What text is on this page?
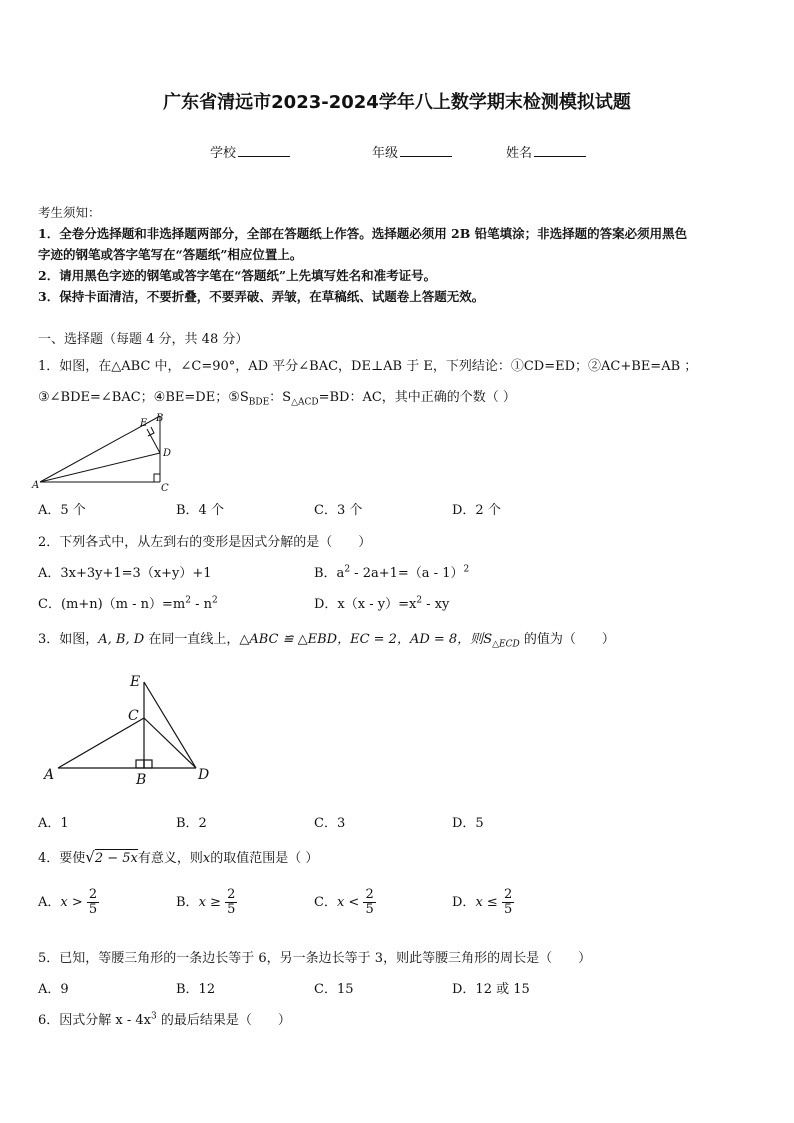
广东省清远市2023-2024学年八上数学期末检测模拟试题
学校	年级	姓名
考生须知：
1．全卷分选择题和非选择题两部分，全部在答题纸上作答。选择题必须用 2B 铅笔填涂；非选择题的答案必须用黑色
字迹的钢笔或答字笔写在“答题纸”相应位置上。
2．请用黑色字迹的钢笔或答字笔在“答题纸”上先填写姓名和准考证号。
3．保持卡面清洁，不要折叠，不要弄破、弄皱，在草稿纸、试题卷上答题无效。
一、选择题（每题 4 分，共 48 分）
1．如图，在△ABC 中，∠C=90°，AD 平分∠BAC，DE⊥AB 于 E，下列结论：①CD=ED；②AC+BE=AB ；
③∠BDE=∠BAC；④BE=DE；$⑤S_{BDE}$：$S_{\triangle ACD}=BD$：AC，其中正确的个数（ ）
A
B
C
D
E
A．5 个	B．4 个	C．3 个	D．2 个
2．下列各式中，从左到右的变形是因式分解的是（　　）
A．3x+3y+1=3（x+y）+1	B．$a^2 - 2a+1=(a - 1)^2$
C．$(m+n)(m - n)=m^2 - n^2$	D．$x(x - y)=x^2$ - xy
3．如图，A, B, D 在同一直线上，△ABC ≌ △EBD，EC = 2，AD = 8，则$S_{\triangle ECD}$ 的值为（　　）
A	B
C
D
E
A．1	B．2	C．3	D．5
4．要使√2 − 5x有意义，则x的取值范围是（ ）
A．$x > \frac{2}{5}$	B．$x \ge \frac{2}{5}$	C．$x < \frac{2}{5}$	D．$x \le \frac{2}{5}$
5．已知，等腰三角形的一条边长等于 6，另一条边长等于 3，则此等腰三角形的周长是（　　）
A．9	B．12	C．15	D．12 或 15
6．因式分解 x - $4x^3$ 的最后结果是（　　）
